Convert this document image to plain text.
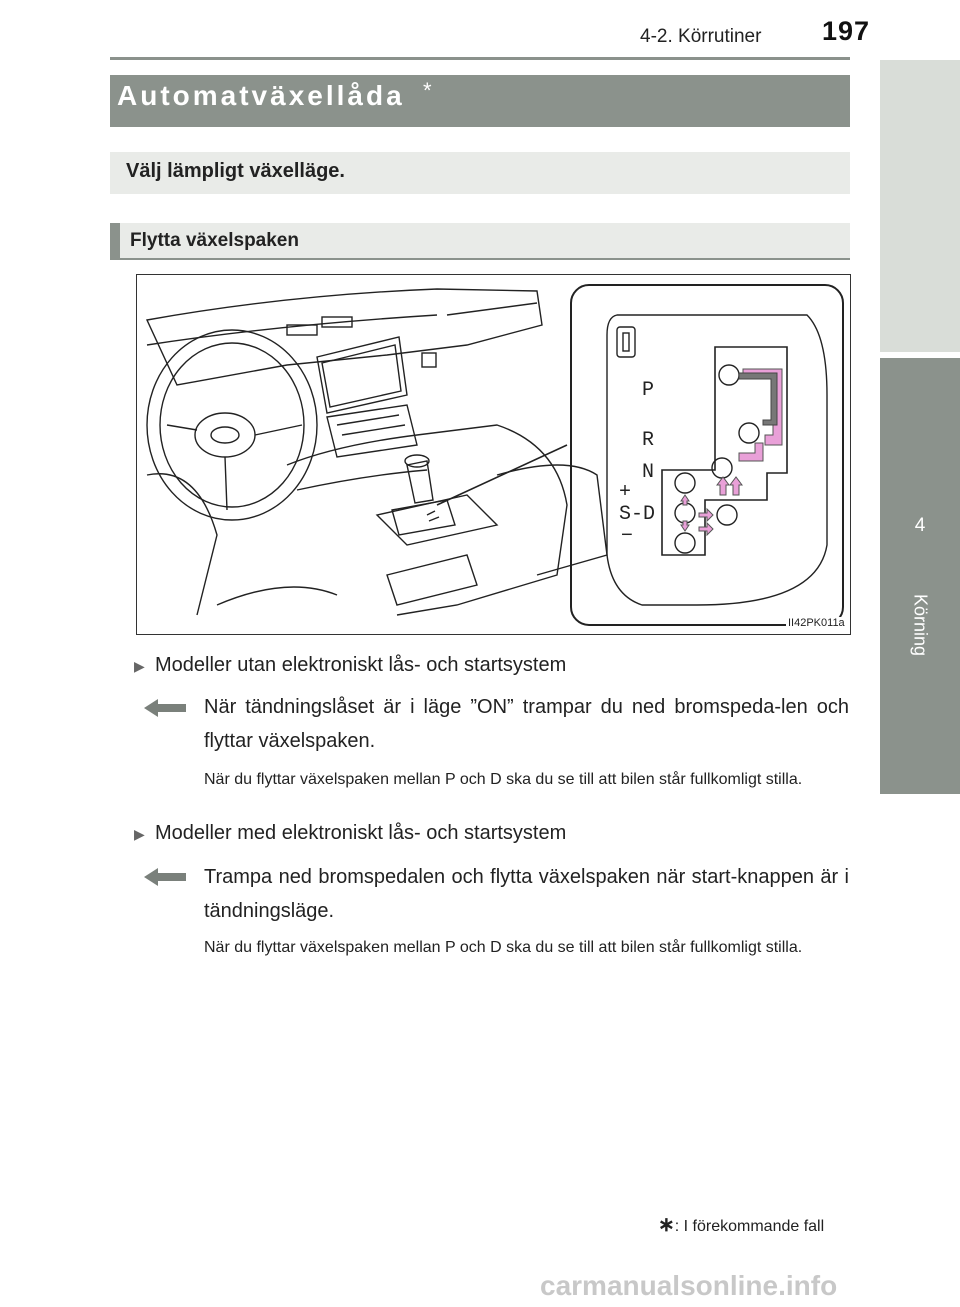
4-2. Körrutiner 197
4
Körning
Automatväxellåda *
Välj lämpligt växelläge.
Flytta växelspaken
P
R
N
+
S-D
−
II42PK011a
▶ Modeller utan elektroniskt lås- och startsystem
När tändningslåset är i läge ”ON” trampar du ned bromspeda-len och flyttar växelspaken.
När du flyttar växelspaken mellan P och D ska du se till att bilen står fullkomligt stilla.
▶ Modeller med elektroniskt lås- och startsystem
Trampa ned bromspedalen och flytta växelspaken när start-knappen är i tändningsläge.
När du flyttar växelspaken mellan P och D ska du se till att bilen står fullkomligt stilla.
∗: I förekommande fall
carmanualsonline.info
